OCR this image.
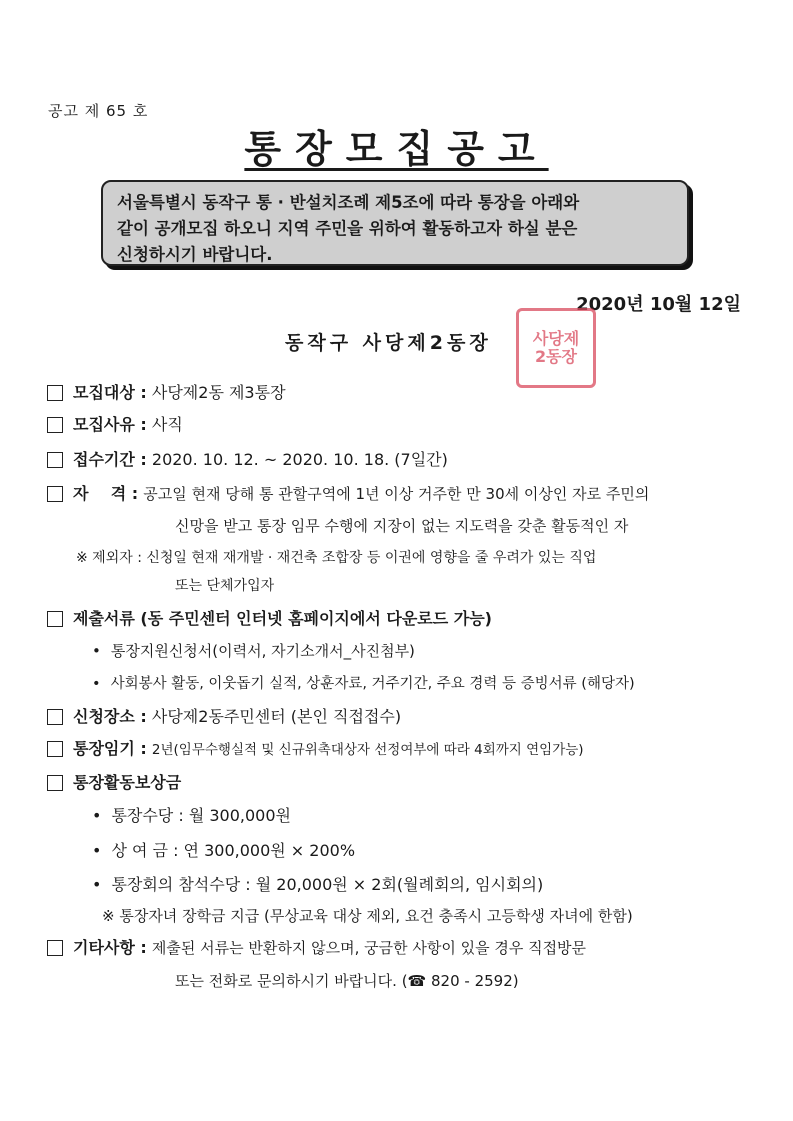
공고 제 65 호
통장모집공고
서울특별시 동작구 통 · 반설치조례 제5조에 따라 통장을 아래와
같이 공개모집 하오니 지역 주민을 위하여 활동하고자 하실 분은
신청하시기 바랍니다.
2020년 10월 12일
동작구 사당제2동장	사당제
2동장
모집대상 : 사당제2동 제3통장
모집사유 : 사직
접수기간 : 2020. 10. 12. ~ 2020. 10. 18. (7일간)
자    격 : 공고일 현재 당해 통 관할구역에 1년 이상 거주한 만 30세 이상인 자로 주민의
신망을 받고 통장 임무 수행에 지장이 없는 지도력을 갖춘 활동적인 자
※ 제외자 : 신청일 현재 재개발 · 재건축 조합장 등 이권에 영향을 줄 우려가 있는 직업
또는 단체가입자
제출서류 (동 주민센터 인터넷 홈페이지에서 다운로드 가능)
• 통장지원신청서(이력서, 자기소개서_사진첨부)
• 사회봉사 활동, 이웃돕기 실적, 상훈자료, 거주기간, 주요 경력 등 증빙서류 (해당자)
신청장소 : 사당제2동주민센터 (본인 직접접수)
통장임기 : 2년(임무수행실적 및 신규위촉대상자 선정여부에 따라 4회까지 연임가능)
통장활동보상금
• 통장수당 : 월 300,000원
• 상 여 금 : 연 300,000원 × 200%
• 통장회의 참석수당 : 월 20,000원 × 2회(월례회의, 임시회의)
※ 통장자녀 장학금 지급 (무상교육 대상 제외, 요건 충족시 고등학생 자녀에 한함)
기타사항 : 제출된 서류는 반환하지 않으며, 궁금한 사항이 있을 경우 직접방문
또는 전화로 문의하시기 바랍니다. (☎ 820 - 2592)
